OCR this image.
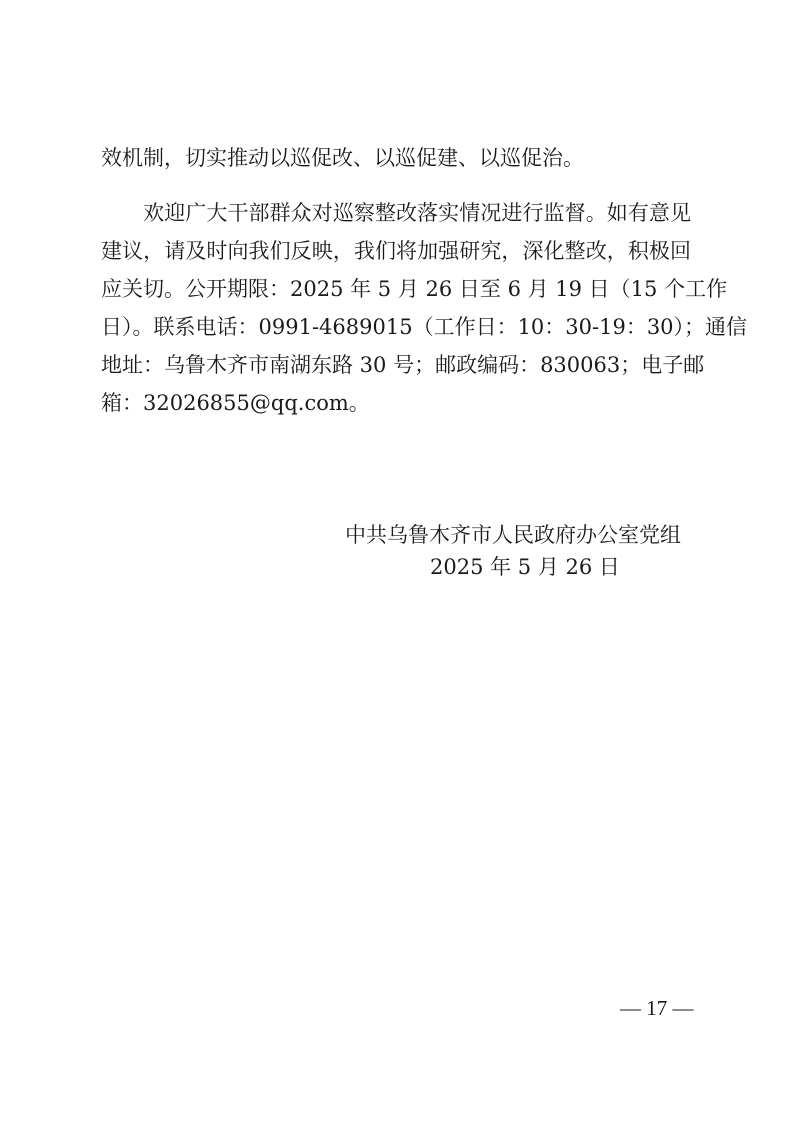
效机制，切实推动以巡促改、以巡促建、以巡促治。
　　欢迎广大干部群众对巡察整改落实情况进行监督。如有意见
建议，请及时向我们反映，我们将加强研究，深化整改，积极回
应关切。公开期限：2025 年 5 月 26 日至 6 月 19 日（15 个工作
日）。联系电话：0991-4689015（工作日：10：30-19：30）；通信
地址：乌鲁木齐市南湖东路 30 号；邮政编码：830063；电子邮
箱：32026855@qq.com。
中共乌鲁木齐市人民政府办公室党组
2025 年 5 月 26 日
— 17 —
